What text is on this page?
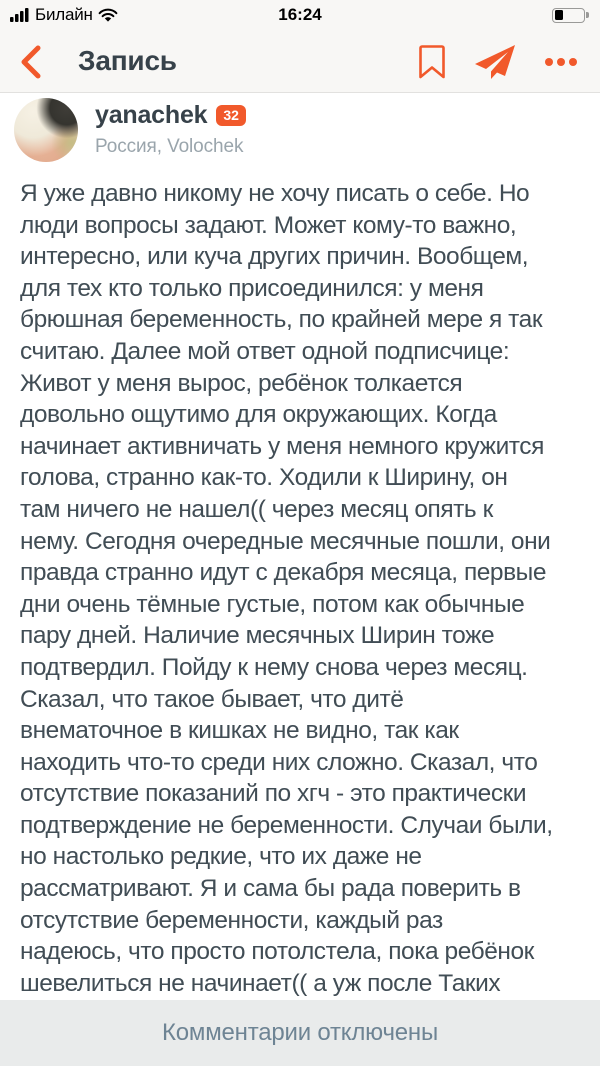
Билайн	16:24
Запись
yanachek	32
Россия, Volochek
Я уже давно никому не хочу писать о себе. Но
люди вопросы задают. Может кому-то важно,
интересно, или куча других причин. Вообщем,
для тех кто только присоединился: у меня
брюшная беременность, по крайней мере я так
считаю. Далее мой ответ одной подписчице:
Живот у меня вырос, ребёнок толкается
довольно ощутимо для окружающих. Когда
начинает активничать у меня немного кружится
голова, странно как-то. Ходили к Ширину, он
там ничего не нашел(( через месяц опять к
нему. Сегодня очередные месячные пошли, они
правда странно идут с декабря месяца, первые
дни очень тёмные густые, потом как обычные
пару дней. Наличие месячных Ширин тоже
подтвердил. Пойду к нему снова через месяц.
Сказал, что такое бывает, что дитё
внематочное в кишках не видно, так как
находить что-то среди них сложно. Сказал, что
отсутствие показаний по хгч - это практически
подтверждение не беременности. Случаи были,
но настолько редкие, что их даже не
рассматривают. Я и сама бы рада поверить в
отсутствие беременности, каждый раз
надеюсь, что просто потолстела, пока ребёнок
шевелиться не начинает(( а уж после Таких
Комментарии отключены
